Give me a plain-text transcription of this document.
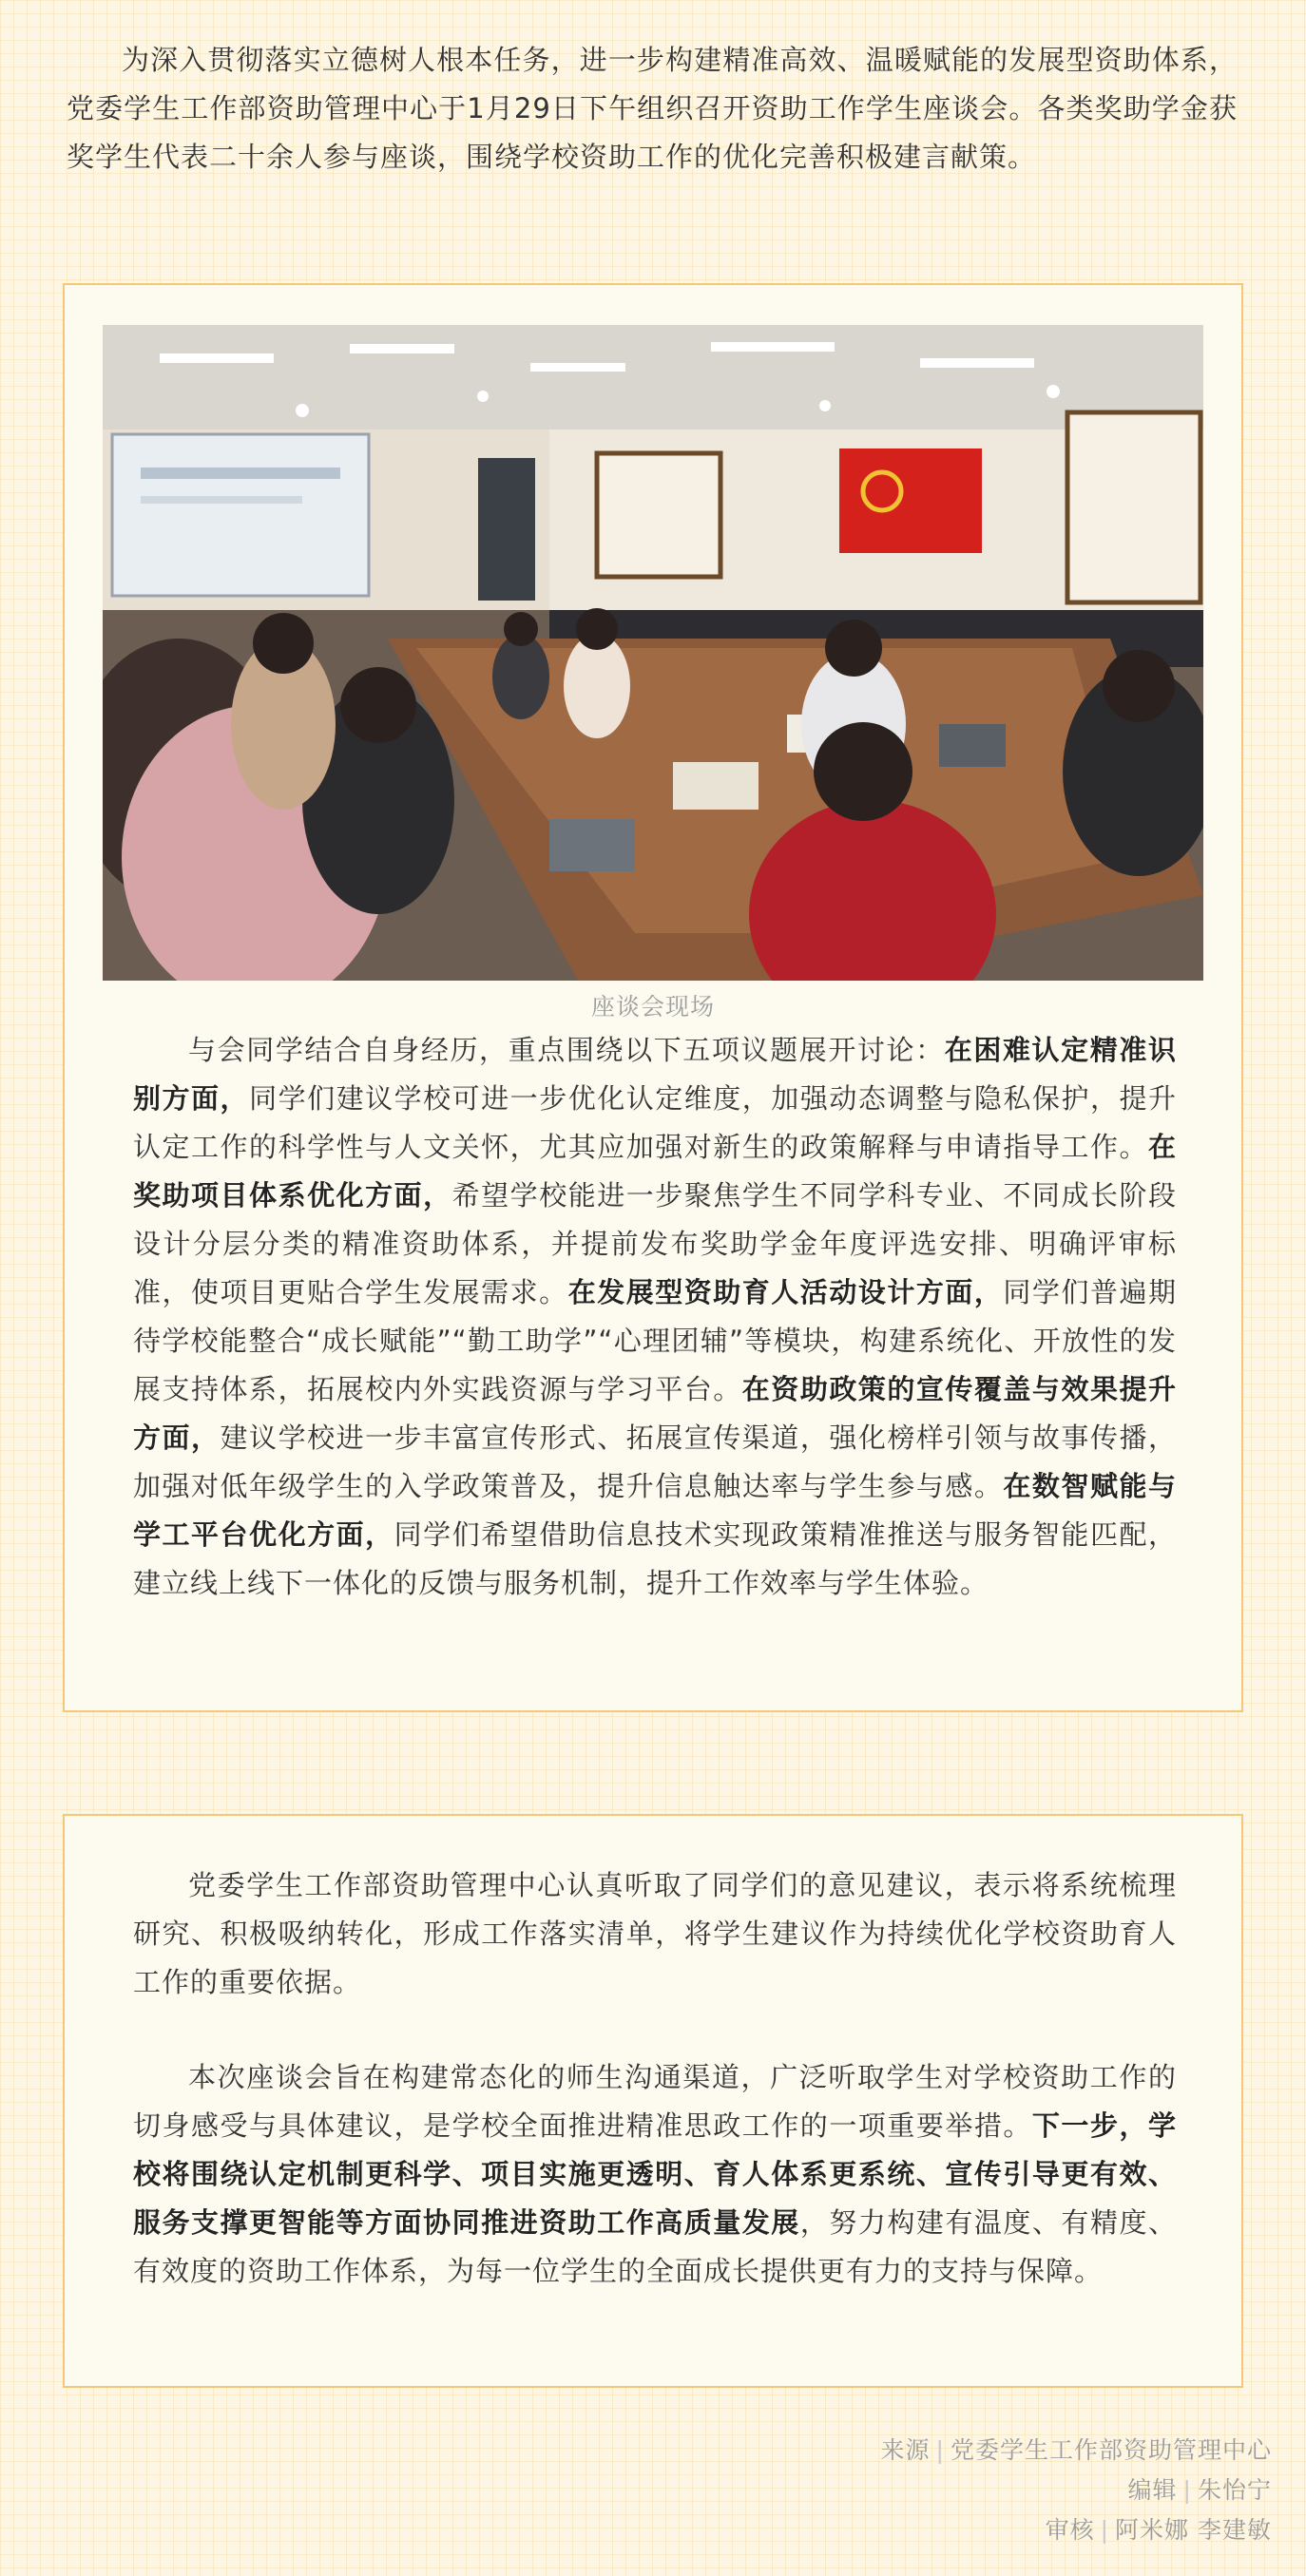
为深入贯彻落实立德树人根本任务，进一步构建精准高效、温暖赋能的发展型资助体系，党委学生工作部资助管理中心于1月29日下午组织召开资助工作学生座谈会。各类奖助学金获奖学生代表二十余人参与座谈，围绕学校资助工作的优化完善积极建言献策。

座谈会现场

与会同学结合自身经历，重点围绕以下五项议题展开讨论：在困难认定精准识别方面，同学们建议学校可进一步优化认定维度，加强动态调整与隐私保护，提升认定工作的科学性与人文关怀，尤其应加强对新生的政策解释与申请指导工作。在奖助项目体系优化方面，希望学校能进一步聚焦学生不同学科专业、不同成长阶段设计分层分类的精准资助体系，并提前发布奖助学金年度评选安排、明确评审标准，使项目更贴合学生发展需求。在发展型资助育人活动设计方面，同学们普遍期待学校能整合“成长赋能”“勤工助学”“心理团辅”等模块，构建系统化、开放性的发展支持体系，拓展校内外实践资源与学习平台。在资助政策的宣传覆盖与效果提升方面，建议学校进一步丰富宣传形式、拓展宣传渠道，强化榜样引领与故事传播，加强对低年级学生的入学政策普及，提升信息触达率与学生参与感。在数智赋能与学工平台优化方面，同学们希望借助信息技术实现政策精准推送与服务智能匹配，建立线上线下一体化的反馈与服务机制，提升工作效率与学生体验。

党委学生工作部资助管理中心认真听取了同学们的意见建议，表示将系统梳理研究、积极吸纳转化，形成工作落实清单，将学生建议作为持续优化学校资助育人工作的重要依据。

本次座谈会旨在构建常态化的师生沟通渠道，广泛听取学生对学校资助工作的切身感受与具体建议，是学校全面推进精准思政工作的一项重要举措。下一步，学校将围绕认定机制更科学、项目实施更透明、育人体系更系统、宣传引导更有效、服务支撑更智能等方面协同推进资助工作高质量发展，努力构建有温度、有精度、有效度的资助工作体系，为每一位学生的全面成长提供更有力的支持与保障。

来源 | 党委学生工作部资助管理中心
编辑 | 朱怡宁
审核 | 阿米娜 李建敏
